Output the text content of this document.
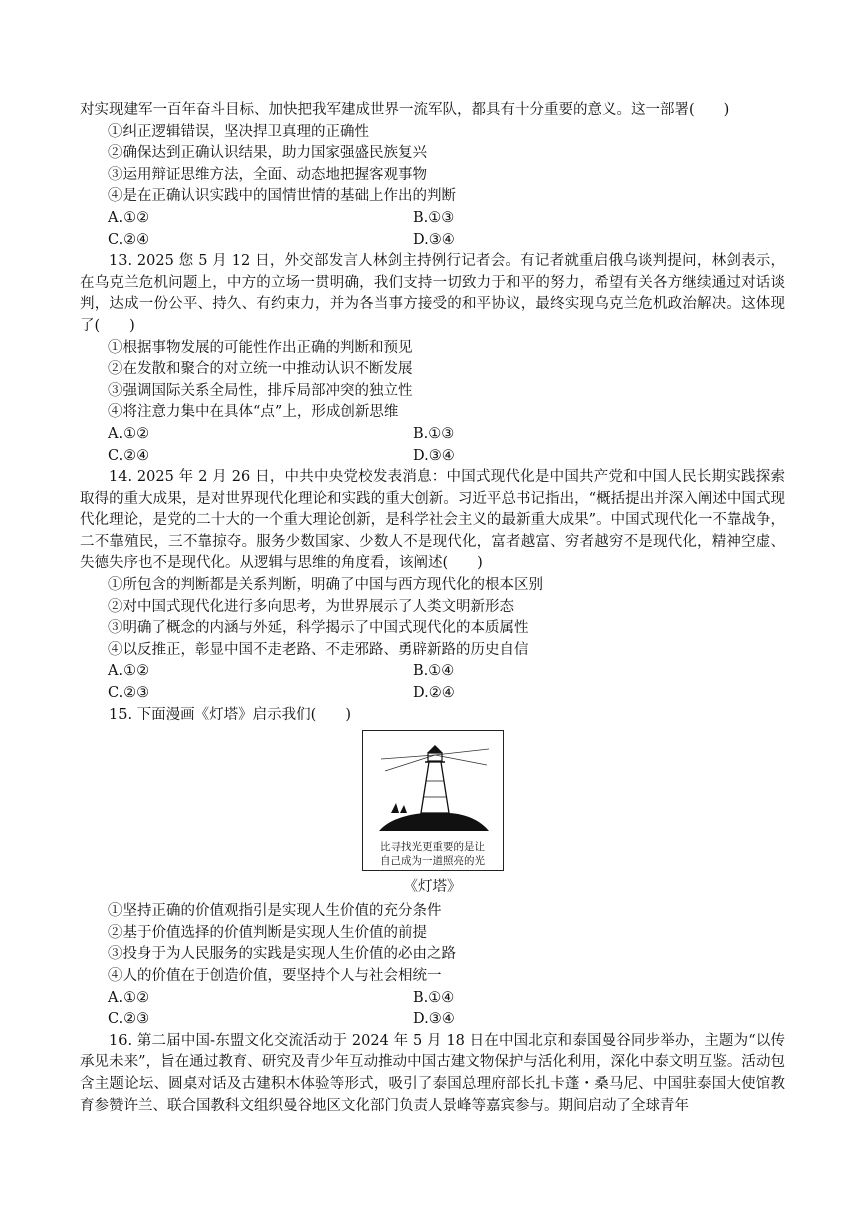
对实现建军一百年奋斗目标、加快把我军建成世界一流军队，都具有十分重要的意义。这一部署(　　)

①纠正逻辑错误，坚决捍卫真理的正确性

②确保达到正确认识结果，助力国家强盛民族复兴

③运用辩证思维方法，全面、动态地把握客观事物

④是在正确认识实践中的国情世情的基础上作出的判断

A.①②	B.①③
C.②④	D.③④

13. 2025 您 5 月 12 日，外交部发言人林剑主持例行记者会。有记者就重启俄乌谈判提问，林剑表示，在乌克兰危机问题上，中方的立场一贯明确，我们支持一切致力于和平的努力，希望有关各方继续通过对话谈判，达成一份公平、持久、有约束力，并为各当事方接受的和平协议，最终实现乌克兰危机政治解决。这体现了(　　)

①根据事物发展的可能性作出正确的判断和预见

②在发散和聚合的对立统一中推动认识不断发展

③强调国际关系全局性，排斥局部冲突的独立性

④将注意力集中在具体“点”上，形成创新思维

A.①②	B.①③
C.②④	D.③④

14. 2025 年 2 月 26 日，中共中央党校发表消息：中国式现代化是中国共产党和中国人民长期实践探索取得的重大成果，是对世界现代化理论和实践的重大创新。习近平总书记指出，“概括提出并深入阐述中国式现代化理论，是党的二十大的一个重大理论创新，是科学社会主义的最新重大成果”。中国式现代化一不靠战争，二不靠殖民，三不靠掠夺。服务少数国家、少数人不是现代化，富者越富、穷者越穷不是现代化，精神空虚、失德失序也不是现代化。从逻辑与思维的角度看，该阐述(　　)

①所包含的判断都是关系判断，明确了中国与西方现代化的根本区别

②对中国式现代化进行多向思考，为世界展示了人类文明新形态

③明确了概念的内涵与外延，科学揭示了中国式现代化的本质属性

④以反推正，彰显中国不走老路、不走邪路、勇辟新路的历史自信

A.①②	B.①④
C.②③	D.②④

15. 下面漫画《灯塔》启示我们(　　)

比寻找光更重要的是让
自己成为一道照亮的光
《灯塔》

①坚持正确的价值观指引是实现人生价值的充分条件

②基于价值选择的价值判断是实现人生价值的前提

③投身于为人民服务的实践是实现人生价值的必由之路

④人的价值在于创造价值，要坚持个人与社会相统一

A.①②	B.①④
C.②③	D.③④

16. 第二届中国-东盟文化交流活动于 2024 年 5 月 18 日在中国北京和泰国曼谷同步举办，主题为“以传承见未来”，旨在通过教育、研究及青少年互动推动中国古建文物保护与活化利用，深化中泰文明互鉴。活动包含主题论坛、圆桌对话及古建积木体验等形式，吸引了泰国总理府部长扎卡蓬・桑马尼、中国驻泰国大使馆教育参赞许兰、联合国教科文组织曼谷地区文化部门负责人景峰等嘉宾参与。期间启动了全球青年
